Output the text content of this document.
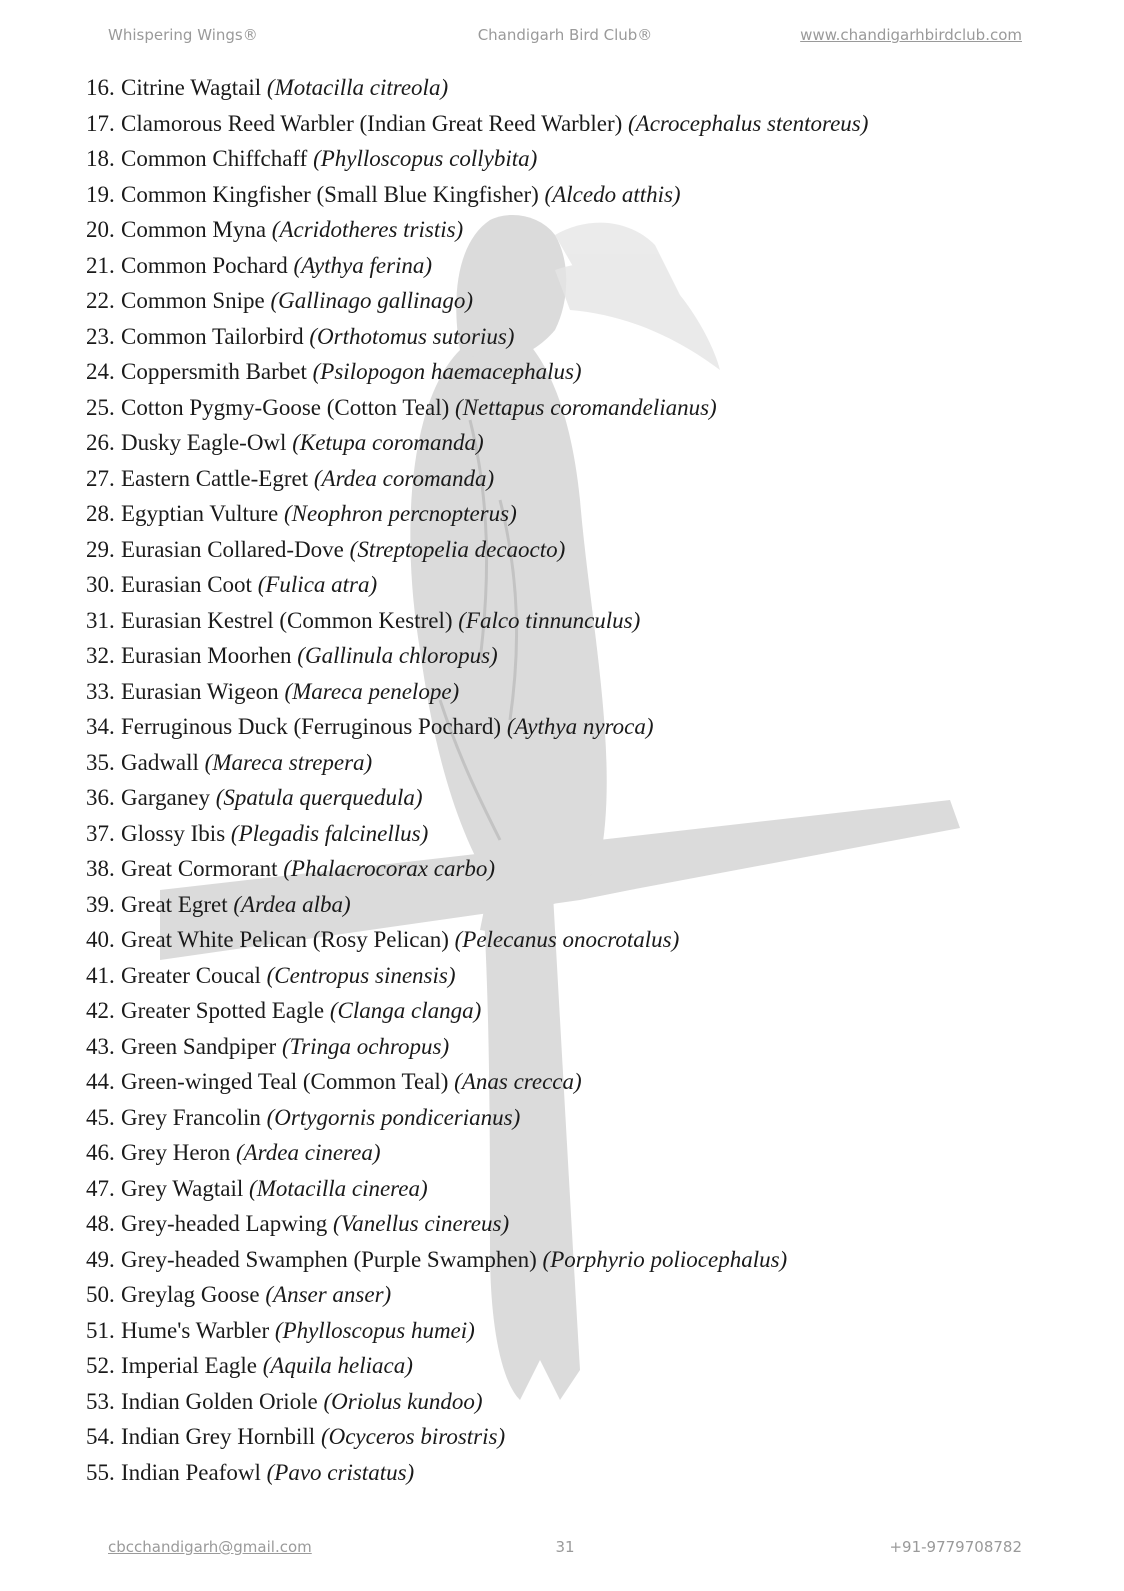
Whispering Wings®	Chandigarh Bird Club®	www.chandigarhbirdclub.com
16. Citrine Wagtail (Motacilla citreola)
17. Clamorous Reed Warbler (Indian Great Reed Warbler) (Acrocephalus stentoreus)
18. Common Chiffchaff (Phylloscopus collybita)
19. Common Kingfisher (Small Blue Kingfisher) (Alcedo atthis)
20. Common Myna (Acridotheres tristis)
21. Common Pochard (Aythya ferina)
22. Common Snipe (Gallinago gallinago)
23. Common Tailorbird (Orthotomus sutorius)
24. Coppersmith Barbet (Psilopogon haemacephalus)
25. Cotton Pygmy-Goose (Cotton Teal) (Nettapus coromandelianus)
26. Dusky Eagle-Owl (Ketupa coromanda)
27. Eastern Cattle-Egret (Ardea coromanda)
28. Egyptian Vulture (Neophron percnopterus)
29. Eurasian Collared-Dove (Streptopelia decaocto)
30. Eurasian Coot (Fulica atra)
31. Eurasian Kestrel (Common Kestrel) (Falco tinnunculus)
32. Eurasian Moorhen (Gallinula chloropus)
33. Eurasian Wigeon (Mareca penelope)
34. Ferruginous Duck (Ferruginous Pochard) (Aythya nyroca)
35. Gadwall (Mareca strepera)
36. Garganey (Spatula querquedula)
37. Glossy Ibis (Plegadis falcinellus)
38. Great Cormorant (Phalacrocorax carbo)
39. Great Egret (Ardea alba)
40. Great White Pelican (Rosy Pelican) (Pelecanus onocrotalus)
41. Greater Coucal (Centropus sinensis)
42. Greater Spotted Eagle (Clanga clanga)
43. Green Sandpiper (Tringa ochropus)
44. Green-winged Teal (Common Teal) (Anas crecca)
45. Grey Francolin (Ortygornis pondicerianus)
46. Grey Heron (Ardea cinerea)
47. Grey Wagtail (Motacilla cinerea)
48. Grey-headed Lapwing (Vanellus cinereus)
49. Grey-headed Swamphen (Purple Swamphen) (Porphyrio poliocephalus)
50. Greylag Goose (Anser anser)
51. Hume's Warbler (Phylloscopus humei)
52. Imperial Eagle (Aquila heliaca)
53. Indian Golden Oriole (Oriolus kundoo)
54. Indian Grey Hornbill (Ocyceros birostris)
55. Indian Peafowl (Pavo cristatus)
cbcchandigarh@gmail.com	31	+91-9779708782
